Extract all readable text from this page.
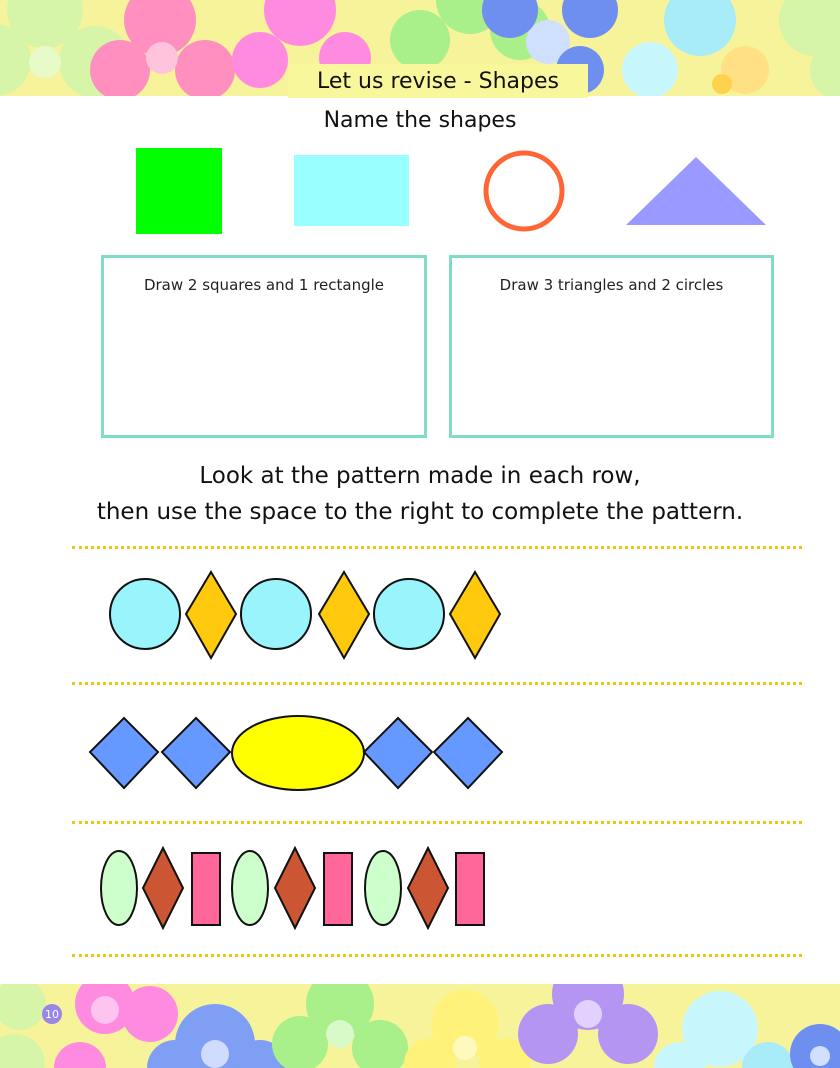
Let us revise - Shapes
Name the shapes
Draw 2 squares and 1 rectangle	Draw 3 triangles and 2 circles
Look at the pattern made in each row,
then use the space to the right to complete the pattern.
10
